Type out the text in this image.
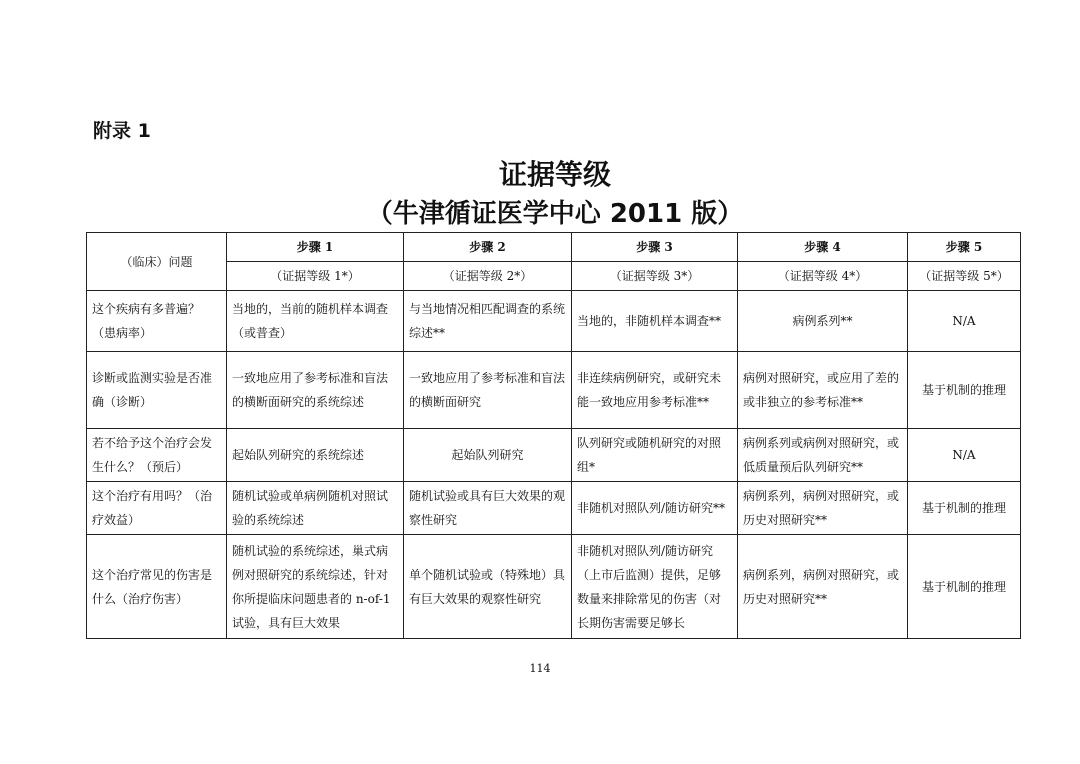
附录 1
证据等级
（牛津循证医学中心 2011 版）
（临床）问题	步骤 1	步骤 2	步骤 3	步骤 4	步骤 5
	（证据等级 1*）	（证据等级 2*）	（证据等级 3*）	（证据等级 4*）	（证据等级 5*）
这个疾病有多普遍？（患病率）	当地的，当前的随机样本调查（或普查）	与当地情况相匹配调查的系统综述**	当地的，非随机样本调查**	病例系列**	N/A
诊断或监测实验是否准确（诊断）	一致地应用了参考标准和盲法的横断面研究的系统综述	一致地应用了参考标准和盲法的横断面研究	非连续病例研究，或研究未能一致地应用参考标准**	病例对照研究，或应用了差的或非独立的参考标准**	基于机制的推理
若不给予这个治疗会发生什么？（预后）	起始队列研究的系统综述	起始队列研究	队列研究或随机研究的对照组*	病例系列或病例对照研究，或低质量预后队列研究**	N/A
这个治疗有用吗？（治疗效益）	随机试验或单病例随机对照试验的系统综述	随机试验或具有巨大效果的观察性研究	非随机对照队列/随访研究**	病例系列，病例对照研究，或历史对照研究**	基于机制的推理
这个治疗常见的伤害是什么（治疗伤害）	随机试验的系统综述，巢式病例对照研究的系统综述，针对你所提临床问题患者的 n-of-1 试验，具有巨大效果	单个随机试验或（特殊地）具有巨大效果的观察性研究	非随机对照队列/随访研究（上市后监测）提供，足够数量来排除常见的伤害（对长期伤害需要足够长	病例系列，病例对照研究，或历史对照研究**	基于机制的推理
114
